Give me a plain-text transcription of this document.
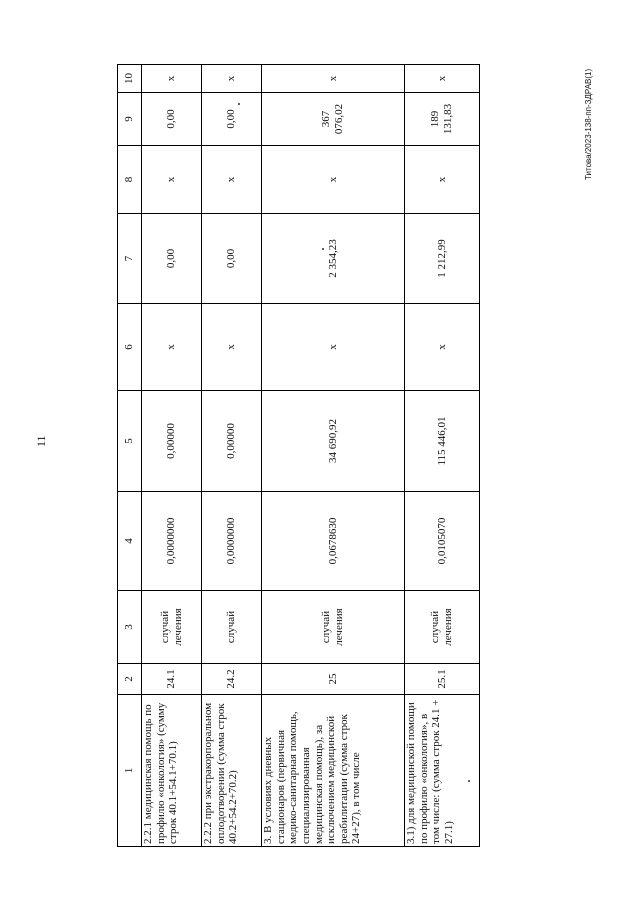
11
Титова/2023-138-пп-ЗДРАВ(1)
1	2	3	4	5	6	7	8	9	10
2.2.1 медицинская помощь по профилю «онкология» (сумму строк 40.1+54.1+70.1)	24.1	случай лечения	0,0000000	0,00000	х	0,00	х	0,00	х
2.2.2 при экстракорпоральном оплодотворении (сумма строк 40.2+54.2+70.2)	24.2	случай	0,0000000	0,00000	х	0,00	х	0,00	х
3. В условиях дневных стационаров (первичная медико-санитарная помощь, специализированная медицинская помощь), за исключением медицинской реабилитации (сумма строк 24+27), в том числе	25	случай лечения	0,0678630	34 690,92	х	2 354,23	х	367 076,02	х
3.1) для медицинской помощи по профилю «онкология», в том числе: (сумма строк 24.1 + 27.1)	25.1	случай лечения	0,0105070	115 446,01	х	1 212,99	х	189 131,83	х
